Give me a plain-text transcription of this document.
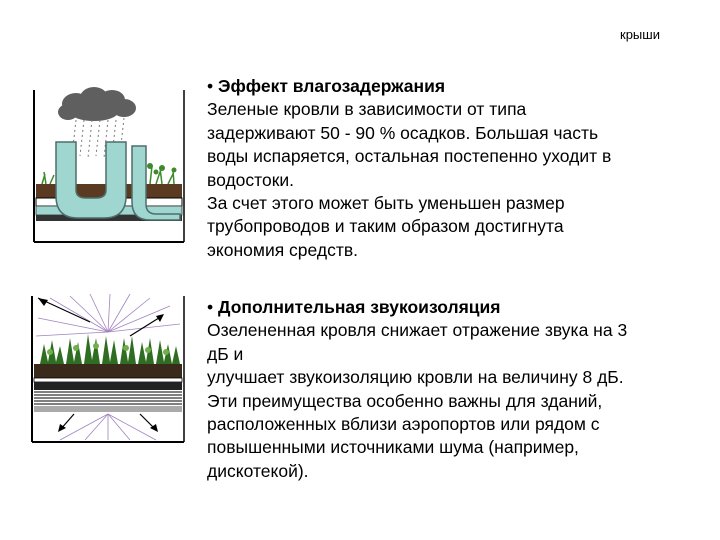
крыши
• Эффект влагозадержания
Зеленые кровли в зависимости от типа
задерживают 50 - 90 % осадков. Большая часть
воды испаряется, остальная постепенно уходит в
водостоки.
За счет этого может быть уменьшен размер
трубопроводов и таким образом достигнута
экономия средств.
• Дополнительная звукоизоляция
Озелененная кровля снижает отражение звука на 3
дБ и
улучшает звукоизоляцию кровли на величину 8 дБ.
Эти преимущества особенно важны для зданий,
расположенных вблизи аэропортов или рядом с
повышенными источниками шума (например,
дискотекой).
